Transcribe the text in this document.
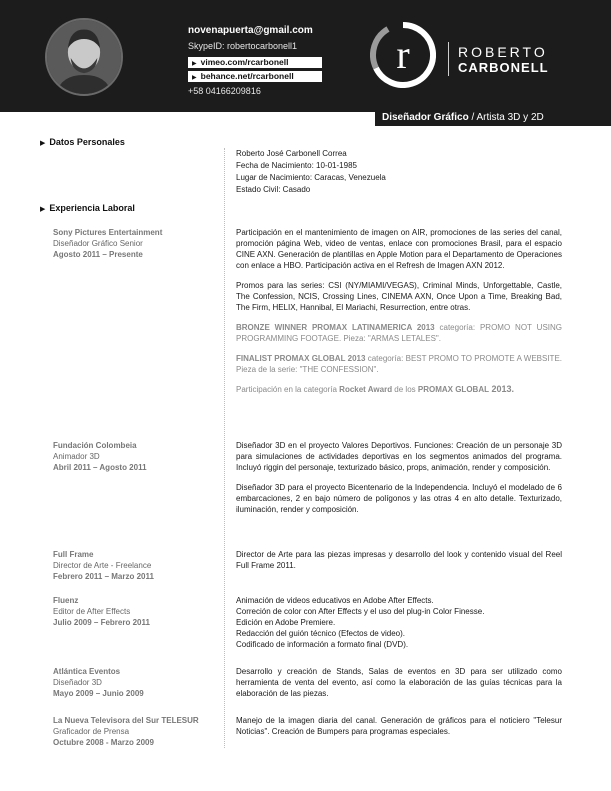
novenapuerta@gmail.com
SkypeID: robertocarbonell1
▶ vimeo.com/rcarbonell
▶ behance.net/rcarbonell
+58 04166209816
r	ROBERTO
CARBONELL
Diseñador Gráfico / Artista 3D y 2D
▶ Datos Personales
Roberto José Carbonell Correa
Fecha de Nacimiento: 10-01-1985
Lugar de Nacimiento: Caracas, Venezuela
Estado Civil: Casado
▶ Experiencia Laboral
Sony Pictures Entertainment
Diseñador Gráfico Senior
Agosto 2011 – Presente

Participación en el mantenimiento de imagen on AIR, promociones de las series del canal, promoción página Web, video de ventas, enlace con promociones Brasil, para el espacio CINE AXN. Generación de plantillas en Apple Motion para el Departamento de Operaciones con enlace a HBO. Participación activa en el Refresh de Imagen AXN 2012.

Promos para las series: CSI (NY/MIAMI/VEGAS), Criminal Minds, Unforgettable, Castle, The Confession, NCIS, Crossing Lines, CINEMA AXN, Once Upon a Time, Breaking Bad, The Firm, HELIX, Hannibal, El Mariachi, Resurrection, entre otras.

BRONZE WINNER PROMAX LATINAMERICA 2013 categoría: PROMO NOT USING PROGRAMMING FOOTAGE. Pieza: "ARMAS LETALES".

FINALIST PROMAX GLOBAL 2013 categoría: BEST PROMO TO PROMOTE A WEBSITE. Pieza de la serie: "THE CONFESSION".

Participación en la categoría Rocket Award de los PROMAX GLOBAL 2013.

Fundación Colombeia
Animador 3D
Abril 2011 – Agosto 2011

Diseñador 3D en el proyecto Valores Deportivos. Funciones: Creación de un personaje 3D para simulaciones de actividades deportivas en los segmentos animados del programa. Incluyó riggin del personaje, texturizado básico, props, animación, render y composición.

Diseñador 3D para el proyecto Bicentenario de la Independencia. Incluyó el modelado de 6 embarcaciones, 2 en bajo número de polígonos y las otras 4 en alto detalle. Texturizado, iluminación, render y composición.

Full Frame
Director de Arte - Freelance
Febrero 2011 – Marzo 2011

Director de Arte para las piezas impresas y desarrollo del look y contenido visual del Reel Full Frame 2011.

Fluenz
Editor de After Effects
Julio 2009 – Febrero 2011
Animación de videos educativos en Adobe After Effects.
Correción de color con After Effects y el uso del plug-in Color Finesse.
Edición en Adobe Premiere.
Redacción del guión técnico (Efectos de video).
Codificado de información a formato final (DVD).
Atlántica Eventos
Diseñador 3D
Mayo 2009 – Junio 2009

Desarrollo y creación de Stands, Salas de eventos en 3D para ser utilizado como herramienta de venta del evento, así como la elaboración de las guías técnicas para la elaboración de las piezas.

La Nueva Televisora del Sur TELESUR
Graficador de Prensa
Octubre 2008 - Marzo 2009

Manejo de la imagen diaria del canal. Generación de gráficos para el noticiero "Telesur Noticias". Creación de Bumpers para programas especiales.
